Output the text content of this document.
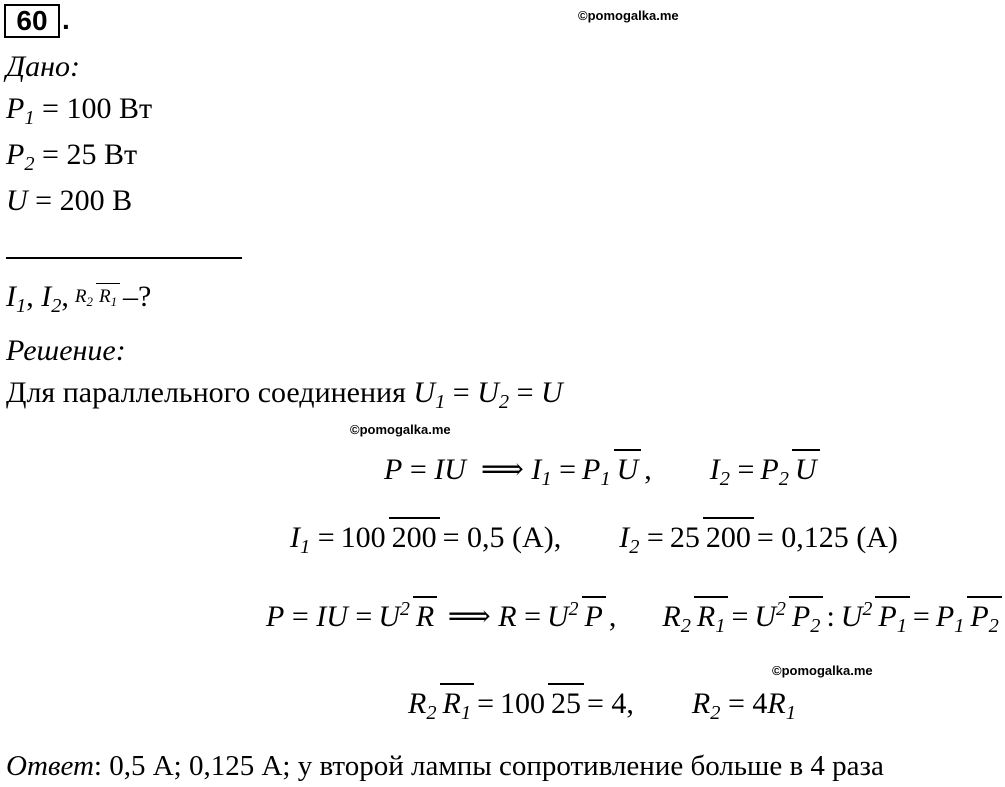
60 .	©pomogalka.me
©pomogalka.me
©pomogalka.me
Дано:
P1 = 100 Вт
P2 = 25 Вт
U = 200 В
I1 , I2 , R2 R1 –?
Решение:
Для параллельного соединения U1 = U2 = U
P = IU ⟹ I1 = P1 U , I2 = P2 U
I1 = 100 200 = 0,5 (А), I2 = 25 200 = 0,125 (А)
P = IU = $U^2$ R ⟹ $R = U^2$ P , R2 $R1 = U^2$ P2 : $U^2$ P1 = P1 P2
R2 R1 = 100 25 = 4, R2 = 4 R1
Ответ: 0,5 А; 0,125 А; у второй лампы сопротивление больше в 4 раза
